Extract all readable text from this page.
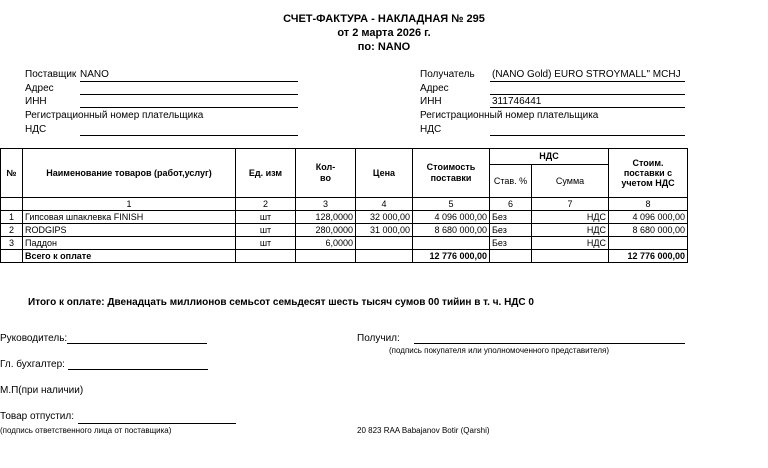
СЧЕТ-ФАКТУРА - НАКЛАДНАЯ № 295
от 2 марта 2026 г.
по: NANO
Поставщик NANO
Адрес
ИНН
Регистрационный номер плательщика
НДС
Получатель (NANO Gold) EURO STROYMALL" MCHJ
Адрес
ИНН	311746441
Регистрационный номер плательщика
НДС
№	Наименование товаров (работ,услуг)	Ед. изм	Кол-во	Цена	Стоимость поставки	НДС		Стоим. поставки с учетом НДС
						Став. %	Сумма	
	1	2	3	4	5	6	7	8
1	Гипсовая шпаклевка FINISH	шт	128,0000	32 000,00	4 096 000,00	Без	НДС	4 096 000,00
2	RODGIPS	шт	280,0000	31 000,00	8 680 000,00	Без	НДС	8 680 000,00
3	Паддон	шт	6,0000			Без	НДС	
	Всего к оплате				12 776 000,00			12 776 000,00
Итого к оплате: Двенадцать миллионов семьсот семьдесят шесть тысяч сумов 00 тийин в т. ч. НДС 0
Руководитель:
Гл. бухгалтер:
М.П(при наличии)
Товар отпустил:
(подпись ответственного лица от поставщика)
Получил:
(подпись покупателя или уполномоченного представителя)
20 823 RAA Babajanov Botir (Qarshi)
